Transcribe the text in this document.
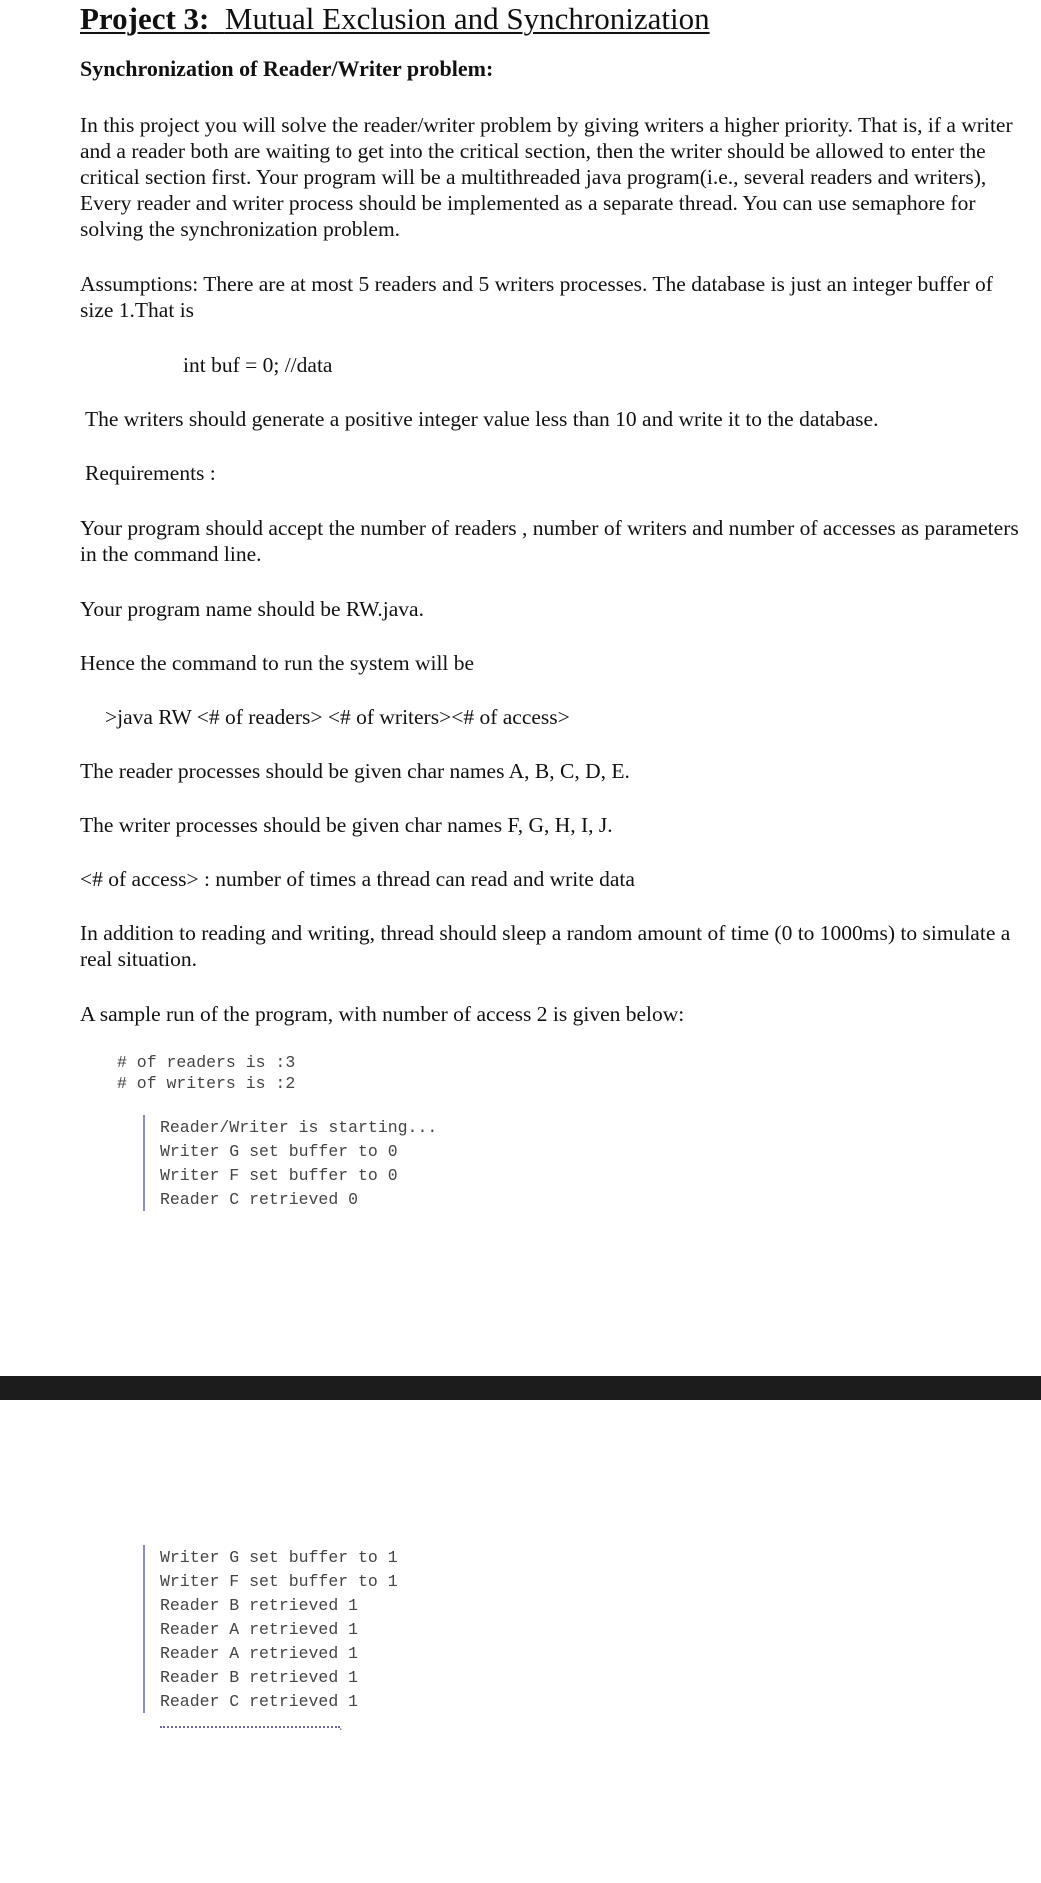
Project 3: Mutual Exclusion and Synchronization
Synchronization of Reader/Writer problem:

In this project you will solve the reader/writer problem by giving writers a higher priority. That is, if a writer and a reader both are waiting to get into the critical section, then the writer should be allowed to enter the critical section first. Your program will be a multithreaded java program(i.e., several readers and writers), Every reader and writer process should be implemented as a separate thread. You can use semaphore for solving the synchronization problem.

Assumptions: There are at most 5 readers and 5 writers processes. The database is just an integer buffer of size 1.That is

int buf = 0; //data
The writers should generate a positive integer value less than 10 and write it to the database.
Requirements :

Your program should accept the number of readers , number of writers and number of accesses as parameters in the command line.

Your program name should be RW.java.
Hence the command to run the system will be
>java RW <# of readers> <# of writers><# of access>
The reader processes should be given char names A, B, C, D, E.
The writer processes should be given char names F, G, H, I, J.
<# of access> : number of times a thread can read and write data

In addition to reading and writing, thread should sleep a random amount of time (0 to 1000ms) to simulate a real situation.

A sample run of the program, with number of access 2 is given below:
# of readers is :3
# of writers is :2
Reader/Writer is starting...
Writer G set buffer to 0
Writer F set buffer to 0
Reader C retrieved 0
Writer G set buffer to 1
Writer F set buffer to 1
Reader B retrieved 1
Reader A retrieved 1
Reader A retrieved 1
Reader B retrieved 1
Reader C retrieved 1
.
